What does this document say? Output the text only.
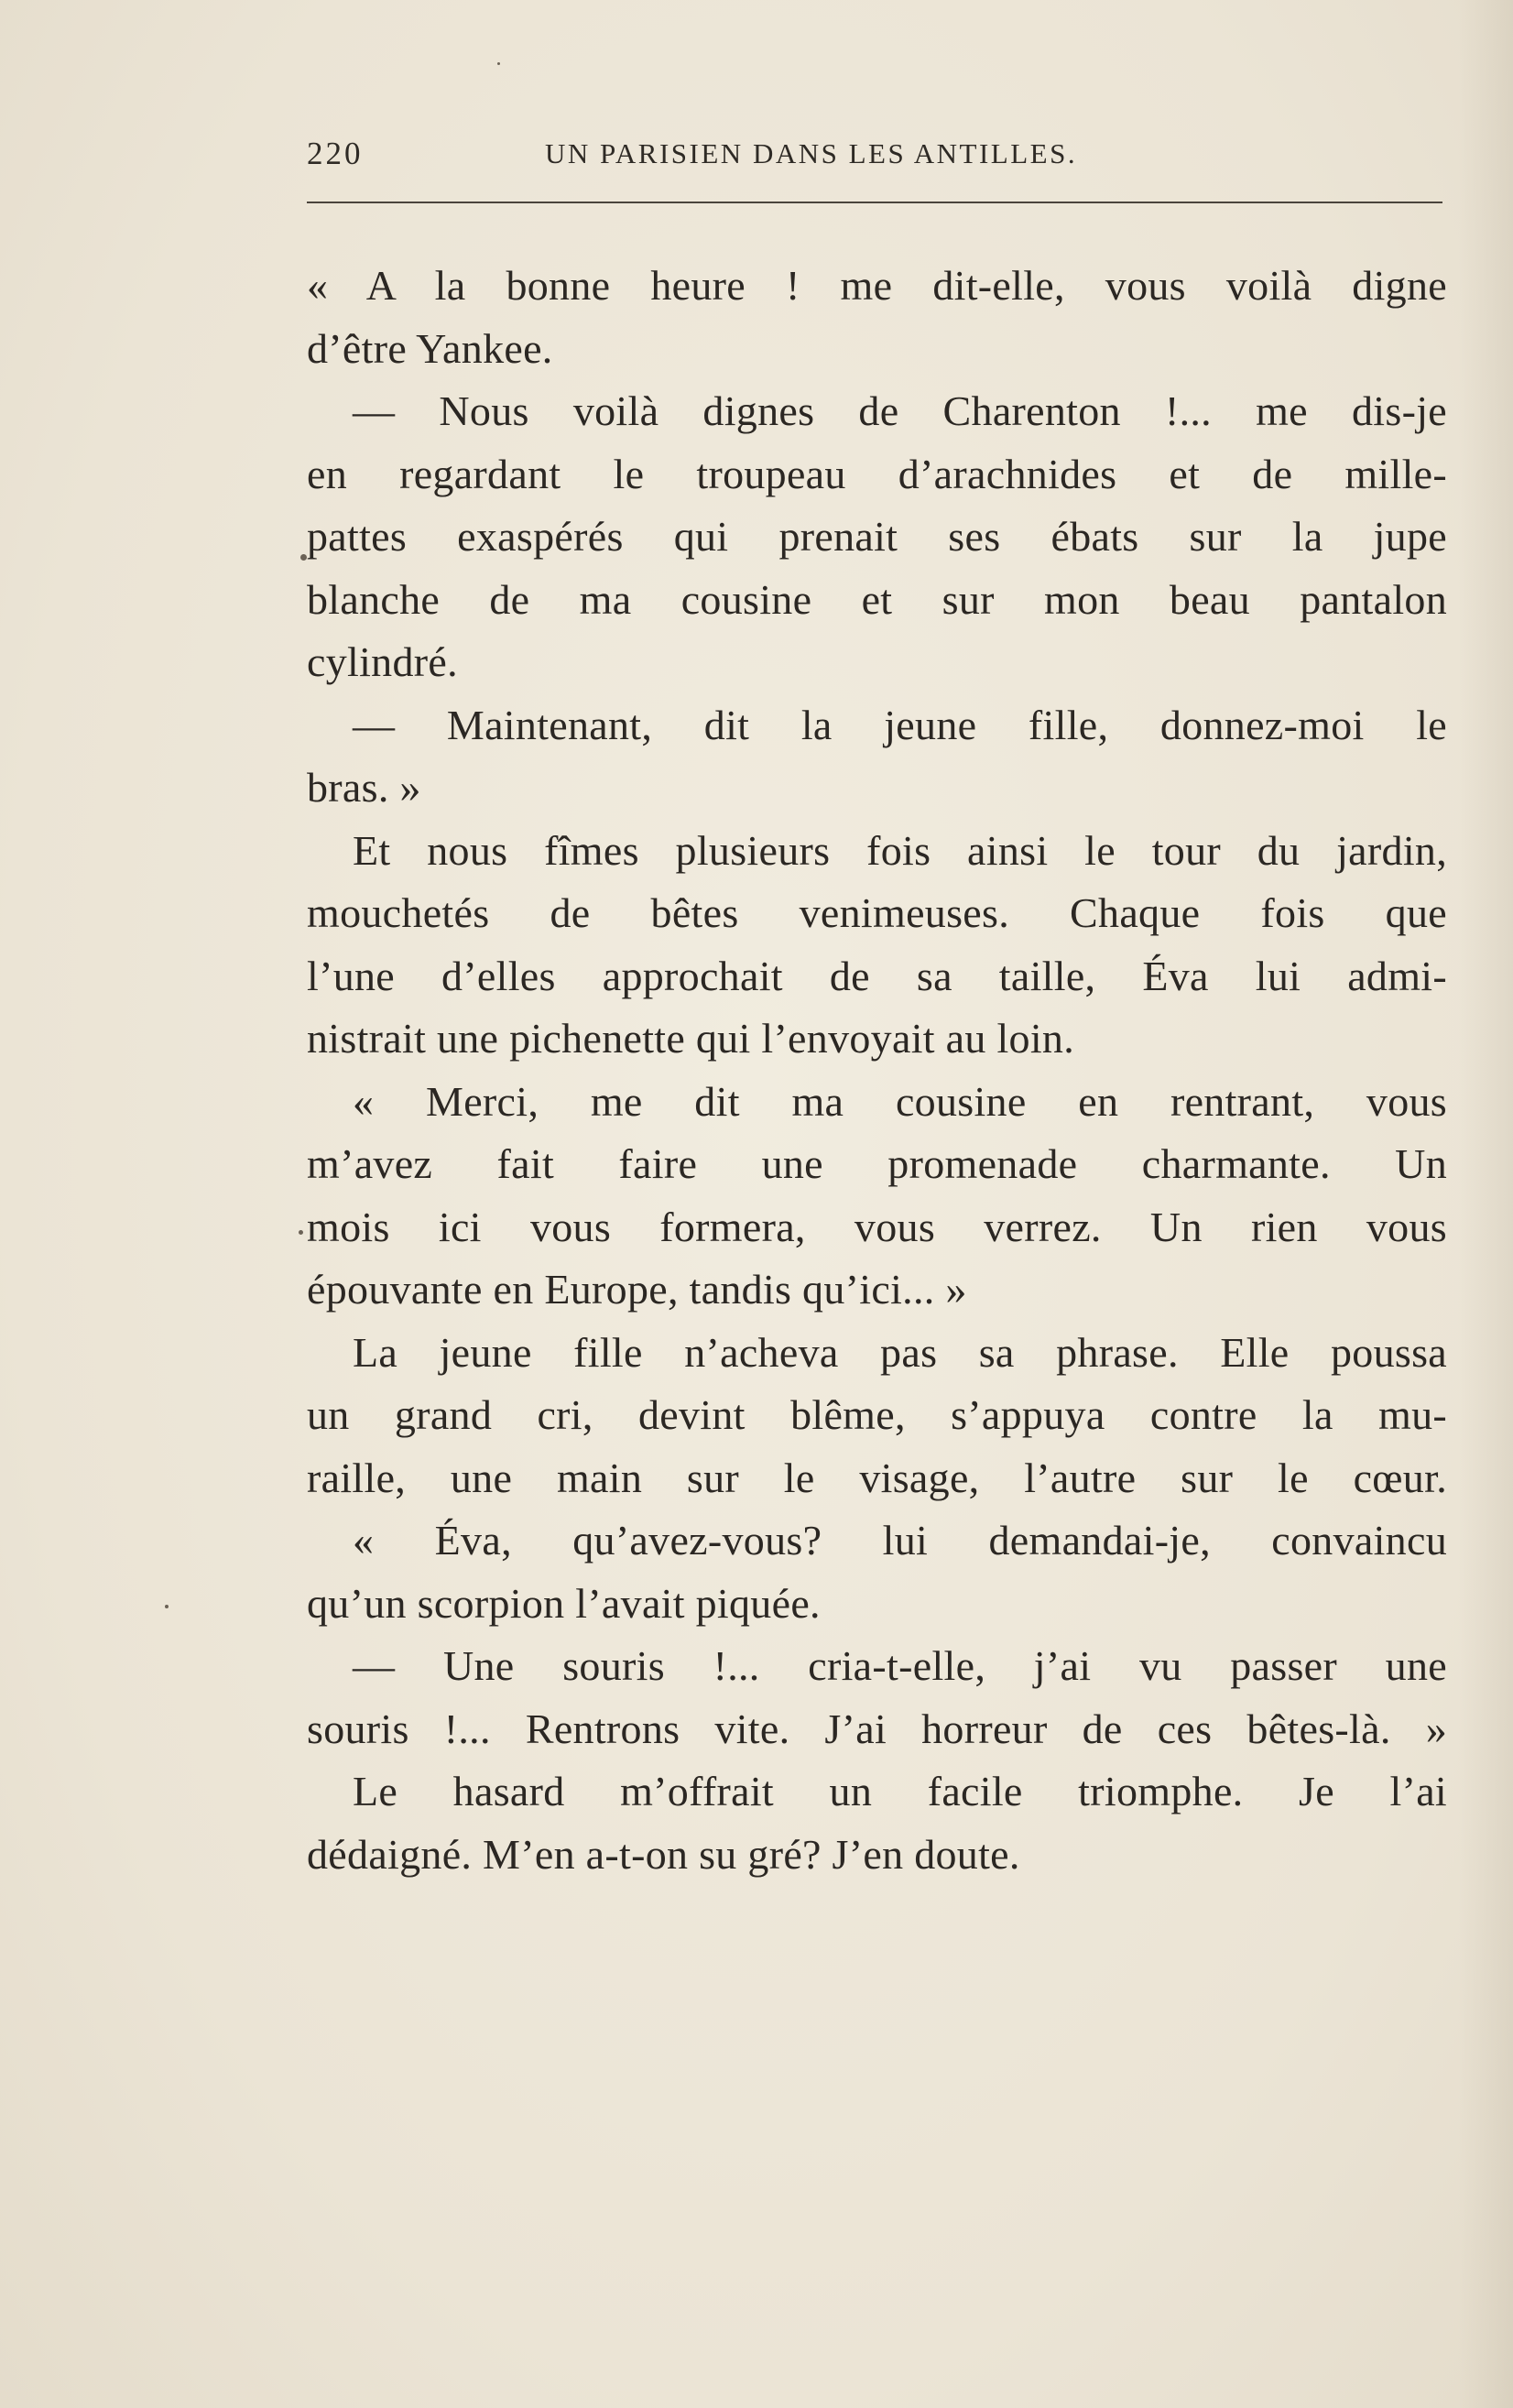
220	UN PARISIEN DANS LES ANTILLES.

« A la bonne heure ! me dit-elle, vous voilà digne

d’être Yankee.

— Nous voilà dignes de Charenton !... me dis-je

en regardant le troupeau d’arachnides et de mille-

pattes exaspérés qui prenait ses ébats sur la jupe

blanche de ma cousine et sur mon beau pantalon

cylindré.

— Maintenant, dit la jeune fille, donnez-moi le

bras. »

Et nous fîmes plusieurs fois ainsi le tour du jardin,

mouchetés de bêtes venimeuses. Chaque fois que

l’une d’elles approchait de sa taille, Éva lui admi-

nistrait une pichenette qui l’envoyait au loin.

« Merci, me dit ma cousine en rentrant, vous

m’avez fait faire une promenade charmante. Un

mois ici vous formera, vous verrez. Un rien vous

épouvante en Europe, tandis qu’ici... »

La jeune fille n’acheva pas sa phrase. Elle poussa

un grand cri, devint blême, s’appuya contre la mu-

raille, une main sur le visage, l’autre sur le cœur.

« Éva, qu’avez-vous? lui demandai-je, convaincu

qu’un scorpion l’avait piquée.

— Une souris !... cria-t-elle, j’ai vu passer une

souris !... Rentrons vite. J’ai horreur de ces bêtes-là. »

Le hasard m’offrait un facile triomphe. Je l’ai

dédaigné. M’en a-t-on su gré? J’en doute.
